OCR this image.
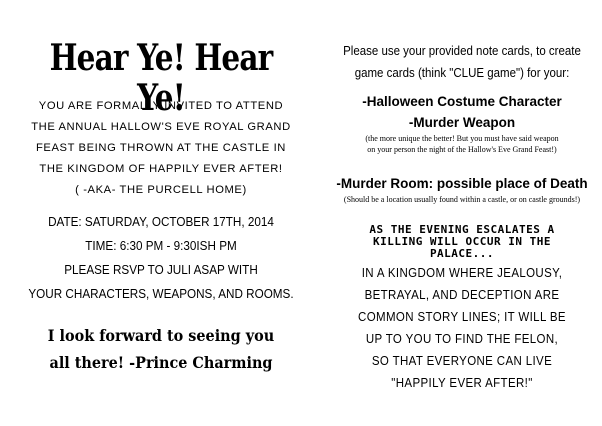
Hear Ye! Hear Ye!
YOU ARE FORMALLY INVITED TO ATTEND
THE ANNUAL HALLOW'S EVE ROYAL GRAND
FEAST BEING THROWN AT THE CASTLE IN
THE KINGDOM OF HAPPILY EVER AFTER!
( -AKA- THE PURCELL HOME)
DATE: SATURDAY, OCTOBER 17TH, 2014
TIME: 6:30 PM - 9:30ISH PM
PLEASE RSVP TO JULI ASAP WITH
YOUR CHARACTERS, WEAPONS, AND ROOMS.
I look forward to seeing you
all there! -Prince Charming
Please use your provided note cards, to create
game cards (think "CLUE game") for your:
-Halloween Costume Character
-Murder Weapon
(the more unique the better! But you must have said weapon
on your person the night of the Hallow's Eve Grand Feast!)
-Murder Room: possible place of Death
(Should be a location usually found within a castle, or on castle grounds!)
AS THE EVENING ESCALATES A
KILLING WILL OCCUR IN THE
PALACE...
IN A KINGDOM WHERE JEALOUSY,
BETRAYAL, AND DECEPTION ARE
COMMON STORY LINES; IT WILL BE
UP TO YOU TO FIND THE FELON,
SO THAT EVERYONE CAN LIVE
"HAPPILY EVER AFTER!"
